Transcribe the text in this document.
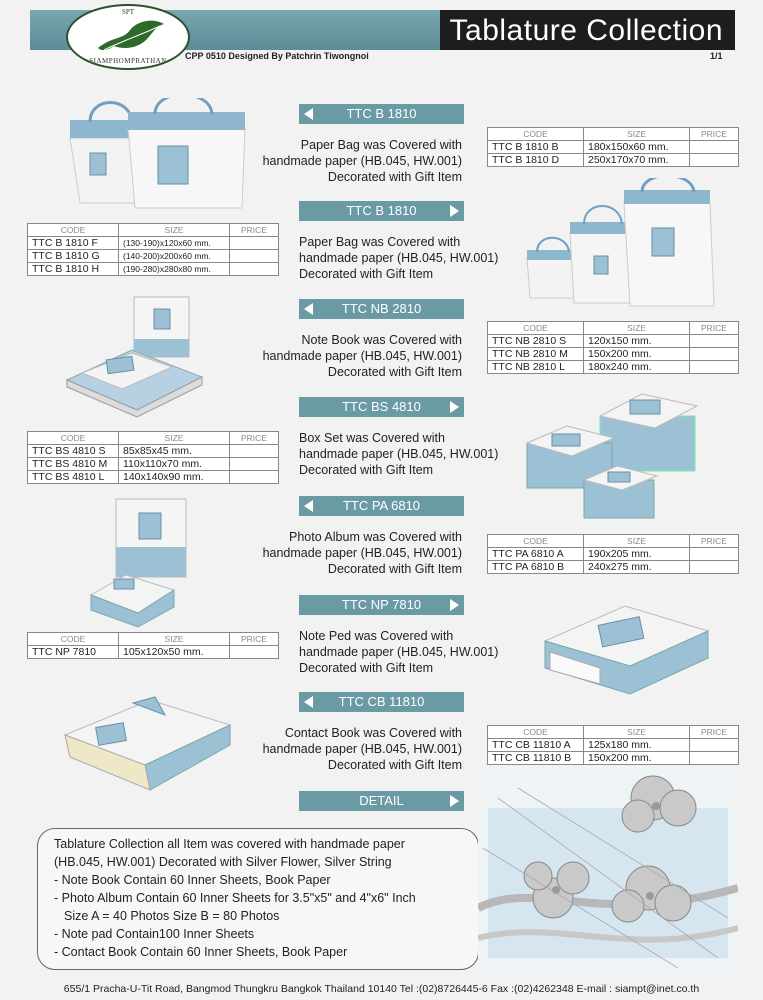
Tablature Collection
SPT
SIAMPHOMPRATHAN	CPP 0510 Designed By Patchrin Tiwongnoi	1/1
TTC B 1810
Paper Bag was Covered with
handmade paper (HB.045, HW.001)
Decorated with Gift Item
CODE	SIZE	PRICE
TTC B 1810 B	180x150x60 mm.	
TTC B 1810 D	250x170x70 mm.	
TTC B 1810
Paper Bag was Covered with
handmade paper (HB.045, HW.001)
Decorated with Gift Item
CODE	SIZE	PRICE
TTC B 1810 F	(130-190)x120x60 mm.	
TTC B 1810 G	(140-200)x200x60 mm.	
TTC B 1810 H	(190-280)x280x80 mm.	
TTC NB 2810
Note Book was Covered with
handmade paper (HB.045, HW.001)
Decorated with Gift Item
CODE	SIZE	PRICE
TTC NB 2810 S	120x150 mm.	
TTC NB 2810 M	150x200 mm.	
TTC NB 2810 L	180x240 mm.	
TTC BS 4810
Box Set was Covered with
handmade paper (HB.045, HW.001)
Decorated with Gift Item
CODE	SIZE	PRICE
TTC BS 4810 S	85x85x45 mm.	
TTC BS 4810 M	110x110x70 mm.	
TTC BS 4810 L	140x140x90 mm.	
TTC PA 6810
Photo Album was Covered with
handmade paper (HB.045, HW.001)
Decorated with Gift Item
CODE	SIZE	PRICE
TTC PA 6810 A	190x205 mm.	
TTC PA 6810 B	240x275 mm.	
TTC NP 7810
Note Ped was Covered with
handmade paper (HB.045, HW.001)
Decorated with Gift Item
CODE	SIZE	PRICE
TTC NP 7810	105x120x50 mm.	
TTC CB 11810
Contact Book was Covered with
handmade paper (HB.045, HW.001)
Decorated with Gift Item
CODE	SIZE	PRICE
TTC CB 11810 A	125x180 mm.	
TTC CB 11810 B	150x200 mm.	
DETAIL
Tablature Collection all Item was covered with handmade paper
(HB.045, HW.001) Decorated with Silver Flower, Silver String
- Note Book Contain 60 Inner Sheets, Book Paper
- Photo Album Contain 60 Inner Sheets for 3.5"x5" and 4"x6" Inch
Size A = 40 Photos Size B = 80 Photos
- Note pad Contain100 Inner Sheets
- Contact Book Contain 60 Inner Sheets, Book Paper
655/1 Pracha-U-Tit Road, Bangmod Thungkru Bangkok Thailand 10140 Tel :(02)8726445-6 Fax :(02)4262348 E-mail : siampt@inet.co.th
